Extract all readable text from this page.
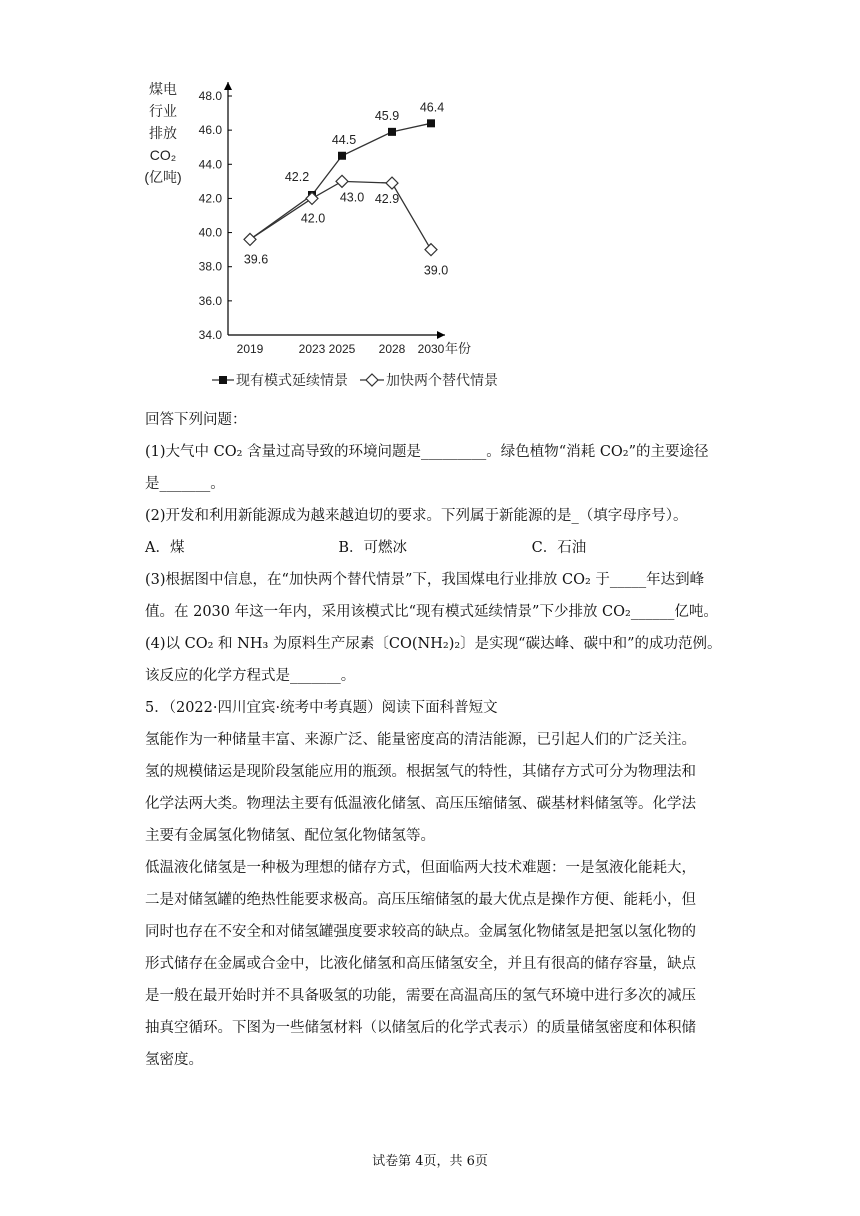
煤电
行业
排放
CO₂
(亿吨)
34.0
36.0
38.0
40.0
42.0
44.0
46.0
48.0
2019	2023 2025 2028 2030 年份
42.2
44.5
45.9
46.4
39.6
42.0
43.0 42.9
39.0
现有模式延续情景	加快两个替代情景
回答下列问题：
(1)大气中 CO₂ 含量过高导致的环境问题是_________。绿色植物“消耗 CO₂”的主要途径
是_______。
(2)开发和利用新能源成为越来越迫切的要求。下列属于新能源的是_（填字母序号）。
A．煤	B．可燃冰	C．石油
(3)根据图中信息，在“加快两个替代情景”下，我国煤电行业排放 CO₂ 于_____年达到峰
值。在 2030 年这一年内，采用该模式比“现有模式延续情景”下少排放 CO₂______亿吨。
(4)以 CO₂ 和 NH₃ 为原料生产尿素〔CO(NH₂)₂〕是实现“碳达峰、碳中和”的成功范例。
该反应的化学方程式是_______。
5．（2022·四川宜宾·统考中考真题）阅读下面科普短文
氢能作为一种储量丰富、来源广泛、能量密度高的清洁能源，已引起人们的广泛关注。
氢的规模储运是现阶段氢能应用的瓶颈。根据氢气的特性，其储存方式可分为物理法和
化学法两大类。物理法主要有低温液化储氢、高压压缩储氢、碳基材料储氢等。化学法
主要有金属氢化物储氢、配位氢化物储氢等。
低温液化储氢是一种极为理想的储存方式，但面临两大技术难题：一是氢液化能耗大，
二是对储氢罐的绝热性能要求极高。高压压缩储氢的最大优点是操作方便、能耗小，但
同时也存在不安全和对储氢罐强度要求较高的缺点。金属氢化物储氢是把氢以氢化物的
形式储存在金属或合金中，比液化储氢和高压储氢安全，并且有很高的储存容量，缺点
是一般在最开始时并不具备吸氢的功能，需要在高温高压的氢气环境中进行多次的减压
抽真空循环。下图为一些储氢材料（以储氢后的化学式表示）的质量储氢密度和体积储
氢密度。
试卷第 4页，共 6页
